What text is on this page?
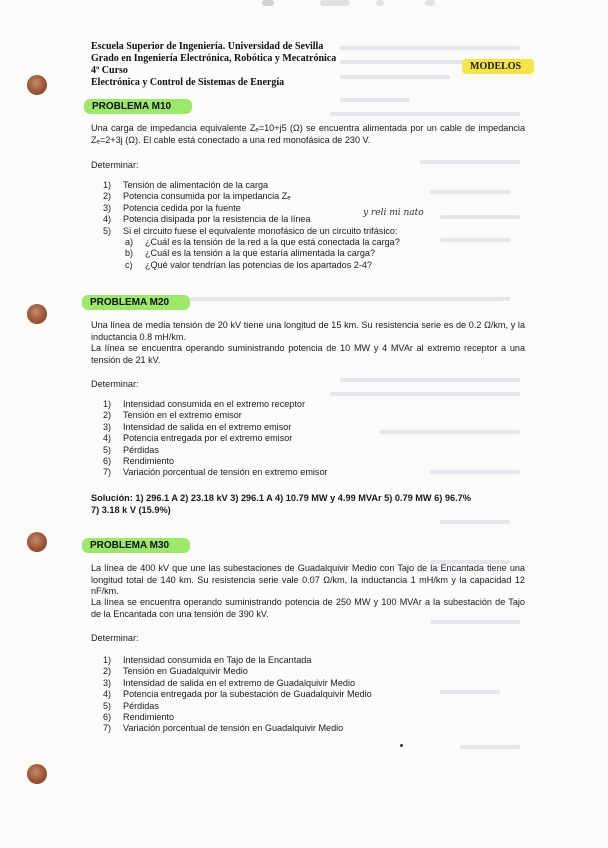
Escuela Superior de Ingeniería. Universidad de Sevilla
Grado en Ingeniería Electrónica, Robótica y Mecatrónica
4º Curso
Electrónica y Control de Sistemas de Energía
MODELOS
PROBLEMA M10
Una carga de impedancia equivalente Zₑ=10+j5 (Ω) se encuentra alimentada por un cable de impedancia Zₑ=2+3j (Ω). El cable está conectado a una red monofásica de 230 V.
Determinar:
1) Tensión de alimentación de la carga
2) Potencia consumida por la impedancia Zₑ
3) Potencia cedida por la fuente
4) Potencia disipada por la resistencia de la línea
5) Si el circuito fuese el equivalente monofásico de un circuito trifásico:
y reli mi nato
a) ¿Cuál es la tensión de la red a la que está conectada la carga?
b) ¿Cuál es la tensión a la que estaría alimentada la carga?
c) ¿Qué valor tendrían las potencias de los apartados 2-4?
PROBLEMA M20
Una línea de media tensión de 20 kV tiene una longitud de 15 km. Su resistencia serie es de 0.2 Ω/km, y la inductancia 0.8 mH/km.
La línea se encuentra operando suministrando potencia de 10 MW y 4 MVAr al extremo receptor a una tensión de 21 kV.
Determinar:
1) Intensidad consumida en el extremo receptor
2) Tensión en el extremo emisor
3) Intensidad de salida en el extremo emisor
4) Potencia entregada por el extremo emisor
5) Pérdidas
6) Rendimiento
7) Variación porcentual de tensión en extremo emisor
Solución: 1) 296.1 A 2) 23.18 kV 3) 296.1 A 4) 10.79 MW y 4.99 MVAr 5) 0.79 MW 6) 96.7% 7) 3.18 k V (15.9%)
PROBLEMA M30
La línea de 400 kV que une las subestaciones de Guadalquivir Medio con Tajo de la Encantada tiene una longitud total de 140 km. Su resistencia serie vale 0.07 Ω/km, la inductancia 1 mH/km y la capacidad 12 nF/km.
La línea se encuentra operando suministrando potencia de 250 MW y 100 MVAr a la subestación de Tajo de la Encantada con una tensión de 390 kV.
Determinar:
1) Intensidad consumida en Tajo de la Encantada
2) Tensión en Guadalquivir Medio
3) Intensidad de salida en el extremo de Guadalquivir Medio
4) Potencia entregada por la subestación de Guadalquivir Medio
5) Pérdidas
6) Rendimiento
7) Variación porcentual de tensión en Guadalquivir Medio
